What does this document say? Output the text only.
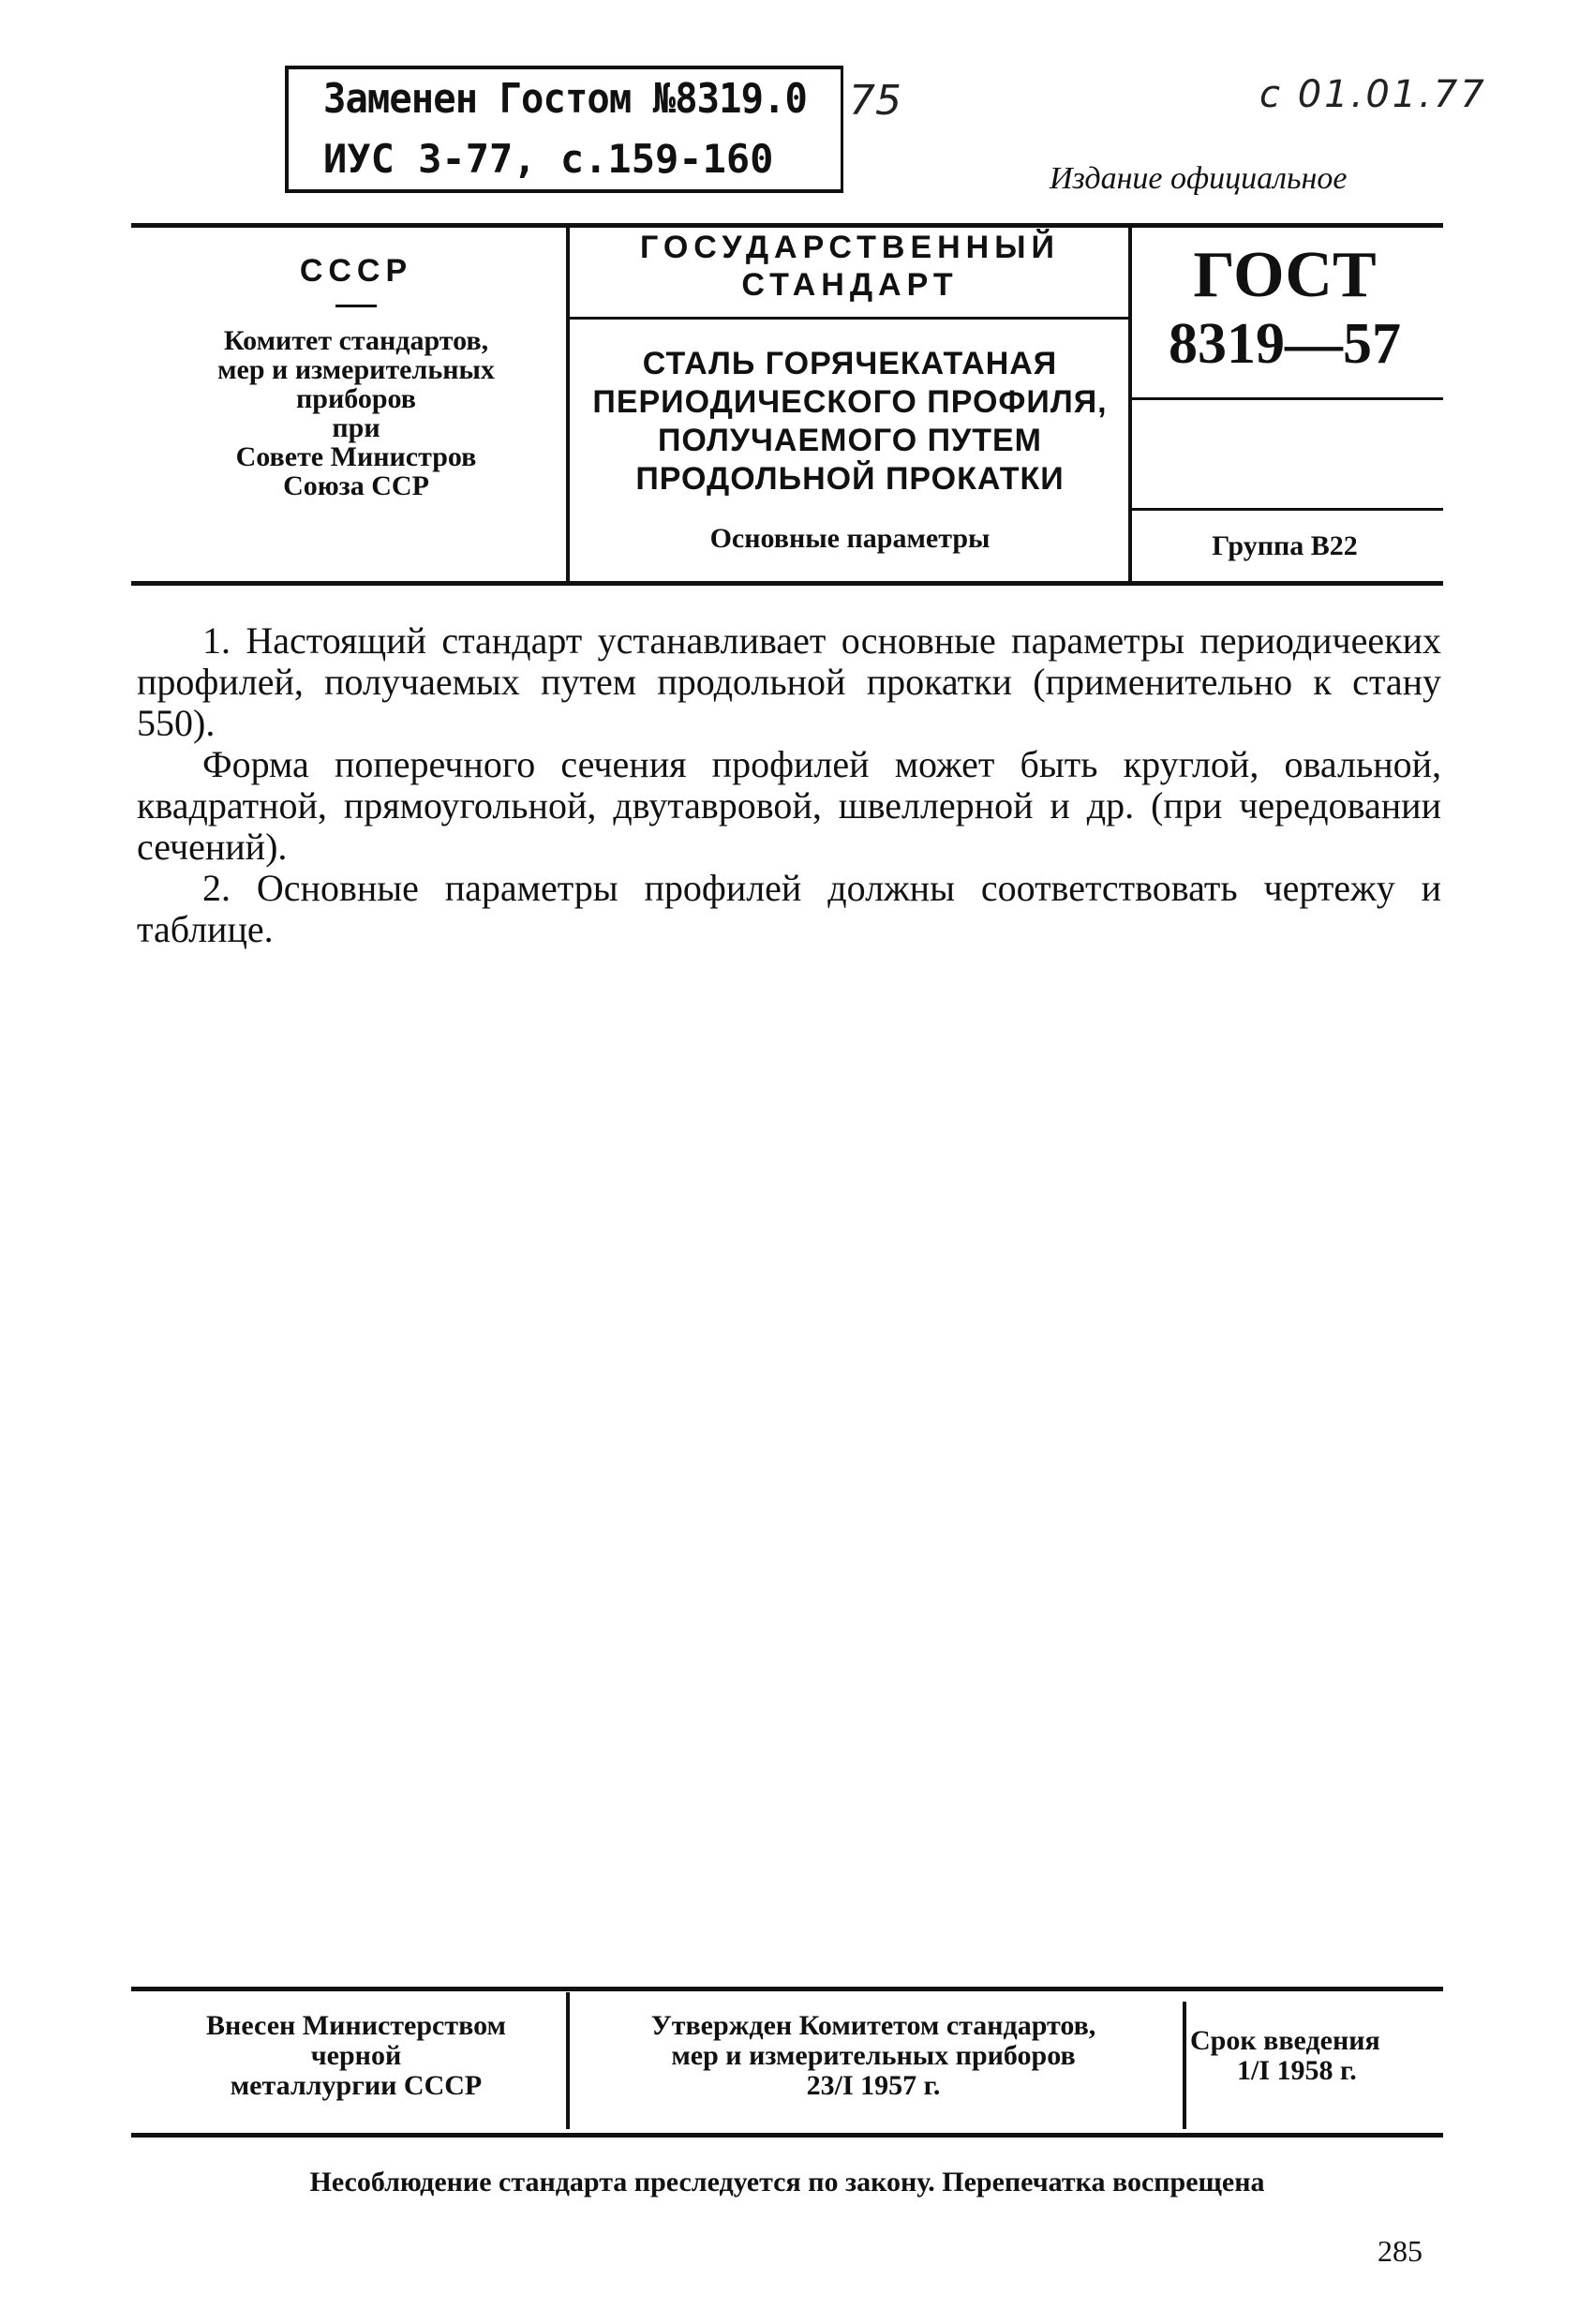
Заменен Гостом №8319.0
ИУС 3-77, с.159-160
75	с 01.01.77
Издание официальное
СССР
Комитет стандартов,
мер и измерительных
приборов
при
Совете Министров
Союза ССР
ГОСУДАРСТВЕННЫЙ
СТАНДАРТ
СТАЛЬ ГОРЯЧЕКАТАНАЯ
ПЕРИОДИЧЕСКОГО ПРОФИЛЯ,
ПОЛУЧАЕМОГО ПУТЕМ
ПРОДОЛЬНОЙ ПРОКАТКИ
Основные параметры
ГОСТ
8319—57
Группа В22

1. Настоящий стандарт устанавливает основные параметры периодичееких профилей, получаемых путем продольной прокатки (применительно к стану 550).

Форма поперечного сечения профилей может быть круглой, овальной, квадратной, прямоугольной, двутавровой, швеллерной и др. (при чередовании сечений).

2. Основные параметры профилей должны соответствовать чертежу и таблице.

Внесен Министерством
черной
металлургии СССР
Утвержден Комитетом стандартов,
мер и измерительных приборов
23/I 1957 г.
Срок введения
1/I 1958 г.
Несоблюдение стандарта преследуется по закону. Перепечатка воспрещена
285
